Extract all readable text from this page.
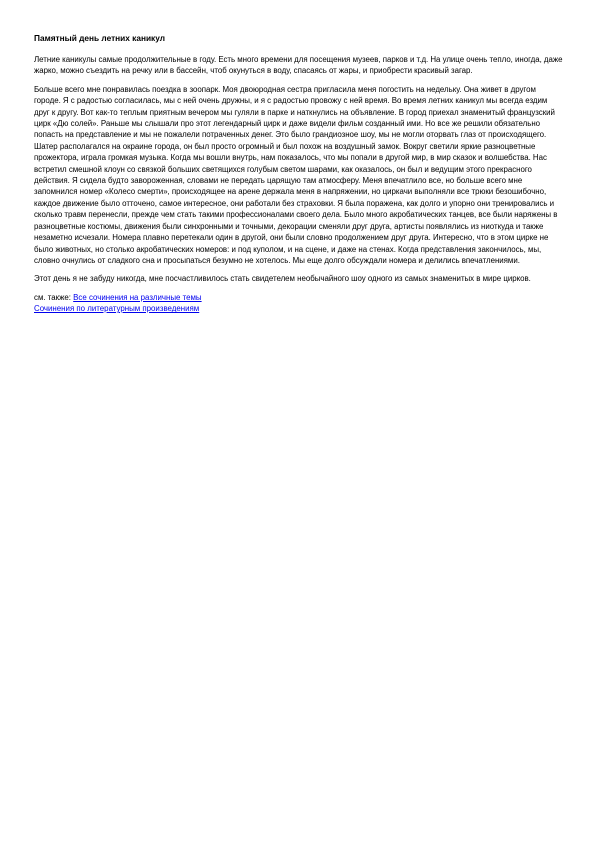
Памятный день летних каникул

Летние каникулы самые продолжительные в году. Есть много времени для посещения музеев, парков и т.д. На улице очень тепло, иногда, даже жарко, можно съездить на речку или в бассейн, чтоб окунуться в воду, спасаясь от жары, и приобрести красивый загар.

Больше всего мне понравилась поездка в зоопарк. Моя двоюродная сестра пригласила меня погостить на недельку. Она живет в другом городе. Я с радостью согласилась, мы с ней очень дружны, и я с радостью провожу с ней время. Во время летних каникул мы всегда ездим друг к другу. Вот как-то теплым приятным вечером мы гуляли в парке и наткнулись на объявление. В город приехал знаменитый французский цирк «Дю солей». Раньше мы слышали про этот легендарный цирк и даже видели фильм созданный ими. Но все же решили обязательно попасть на представление и мы не пожалели потраченных денег. Это было грандиозное шоу, мы не могли оторвать глаз от происходящего. Шатер располагался на окраине города, он был просто огромный и был похож на воздушный замок. Вокруг светили яркие разноцветные прожектора, играла громкая музыка. Когда мы вошли внутрь, нам показалось, что мы попали в другой мир, в мир сказок и волшебства. Нас встретил смешной клоун со связкой больших светящихся голубым светом шарами, как оказалось, он был и ведущим этого прекрасного действия. Я сидела будто завороженная, словами не передать царящую там атмосферу. Меня впечатлило все, но больше всего мне запомнился номер «Колесо смерти», происходящее на арене держала меня в напряжении, но циркачи выполняли все трюки безошибочно, каждое движение было отточено, самое интересное, они работали без страховки. Я была поражена, как долго и упорно они тренировались и сколько травм перенесли, прежде чем стать такими профессионалами своего дела. Было много акробатических танцев, все были наряжены в разноцветные костюмы, движения были синхронными и точными, декорации сменяли друг друга, артисты появлялись из ниоткуда и также незаметно исчезали. Номера плавно перетекали один в другой, они были словно продолжением друг друга. Интересно, что в этом цирке не было животных, но столько акробатических номеров: и под куполом, и на сцене, и даже на стенах. Когда представления закончилось, мы, словно очнулись от сладкого сна и просыпаться безумно не хотелось. Мы еще долго обсуждали номера и делились впечатлениями.

Этот день я не забуду никогда, мне посчастливилось стать свидетелем необычайного шоу одного из самых знаменитых в мире цирков.

см. также: Все сочинения на различные темы
Сочинения по литературным произведениям
